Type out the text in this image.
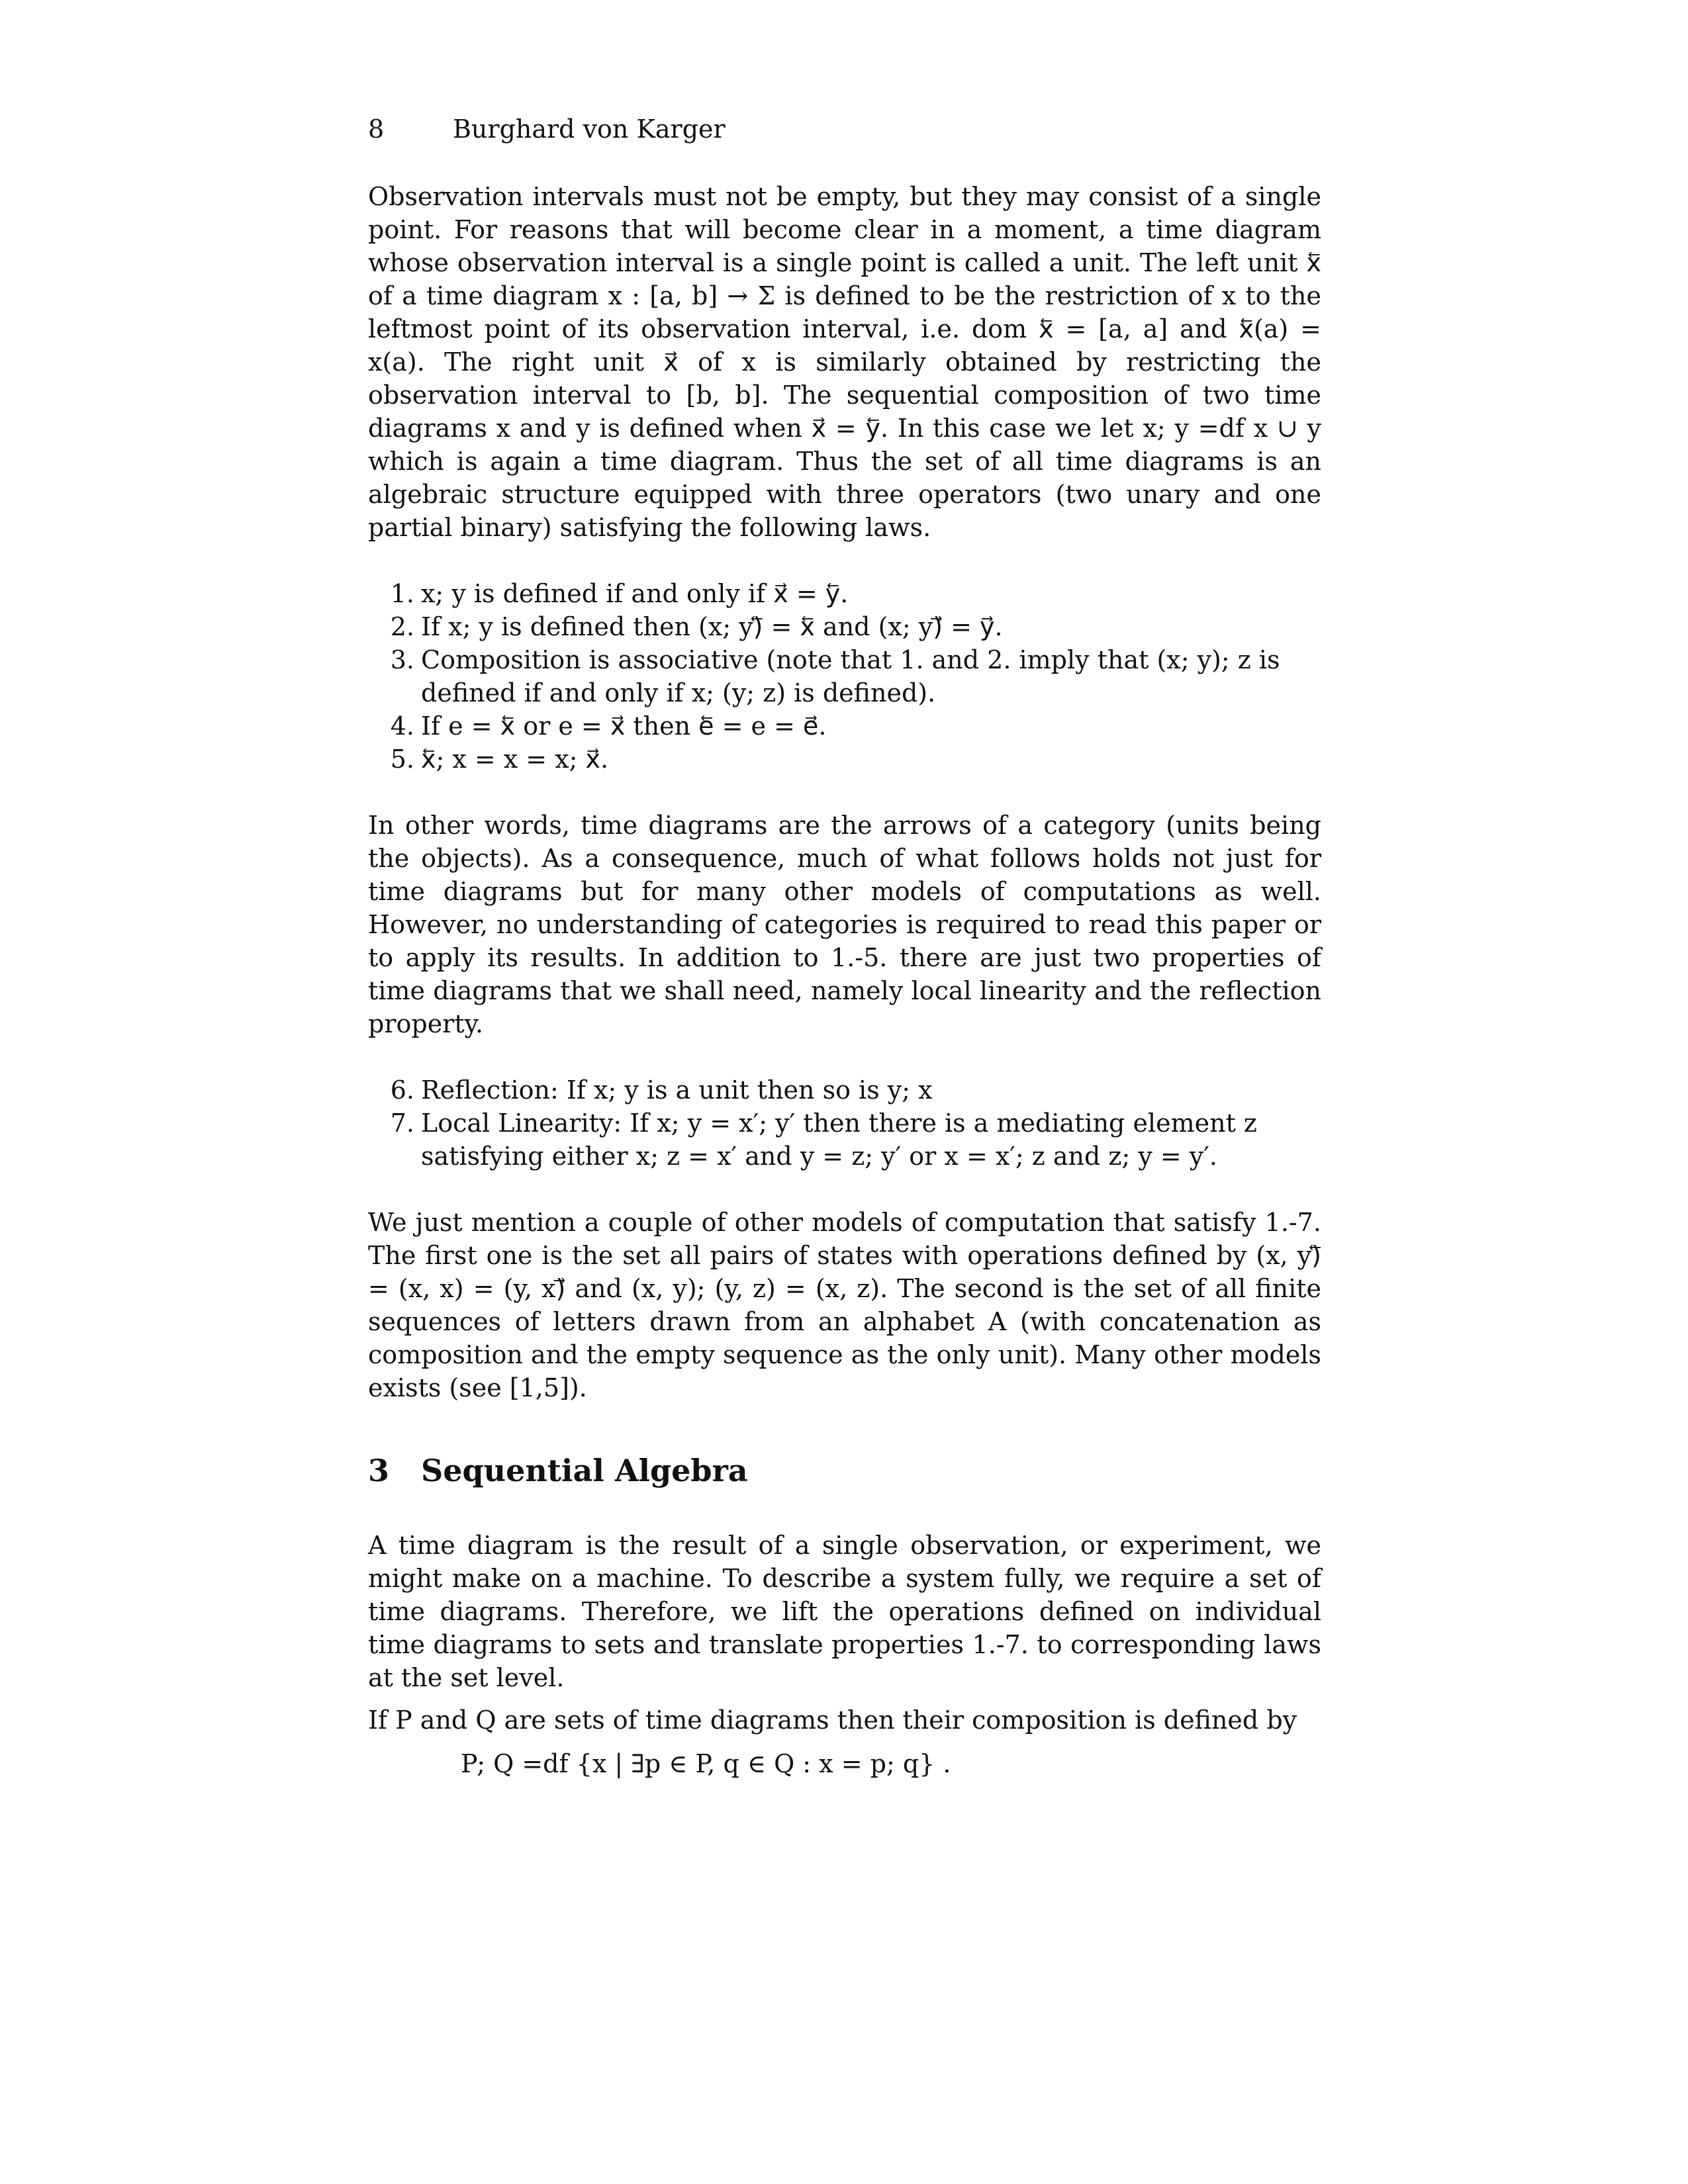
8	Burghard von Karger

Observation intervals must not be empty, but they may consist of a single point. For reasons that will become clear in a moment, a time diagram whose observation interval is a single point is called a unit. The left unit x⃖ of a time diagram x : [a, b] → Σ is defined to be the restriction of x to the leftmost point of its observation interval, i.e. dom x⃖ = [a, a] and x⃖(a) = x(a). The right unit x⃗ of x is similarly obtained by restricting the observation interval to [b, b]. The sequential composition of two time diagrams x and y is defined when x⃗ = y⃖. In this case we let x; y =df x ∪ y which is again a time diagram. Thus the set of all time diagrams is an algebraic structure equipped with three operators (two unary and one partial binary) satisfying the following laws.

1. x; y is defined if and only if x⃗ = y⃖.
2. If x; y is defined then (x; y)⃖ = x⃖ and (x; y)⃗ = y⃗.
3. Composition is associative (note that 1. and 2. imply that (x; y); z is defined if and only if x; (y; z) is defined).
4. If e = x⃖ or e = x⃗ then e⃖ = e = e⃗.
5. x⃖; x = x = x; x⃗.

In other words, time diagrams are the arrows of a category (units being the objects). As a consequence, much of what follows holds not just for time diagrams but for many other models of computations as well. However, no understanding of categories is required to read this paper or to apply its results. In addition to 1.-5. there are just two properties of time diagrams that we shall need, namely local linearity and the reflection property.

6. Reflection: If x; y is a unit then so is y; x
7. Local Linearity: If x; y = x′; y′ then there is a mediating element z satisfying either x; z = x′ and y = z; y′ or x = x′; z and z; y = y′.

We just mention a couple of other models of computation that satisfy 1.-7. The first one is the set all pairs of states with operations defined by (x, y)⃖ = (x, x) = (y, x)⃗ and (x, y); (y, z) = (x, z). The second is the set of all finite sequences of letters drawn from an alphabet A (with concatenation as composition and the empty sequence as the only unit). Many other models exists (see [1,5]).

3	Sequential Algebra

A time diagram is the result of a single observation, or experiment, we might make on a machine. To describe a system fully, we require a set of time diagrams. Therefore, we lift the operations defined on individual time diagrams to sets and translate properties 1.-7. to corresponding laws at the set level.

If P and Q are sets of time diagrams then their composition is defined by

P; Q =df {x | ∃p ∈ P, q ∈ Q : x = p; q} .
